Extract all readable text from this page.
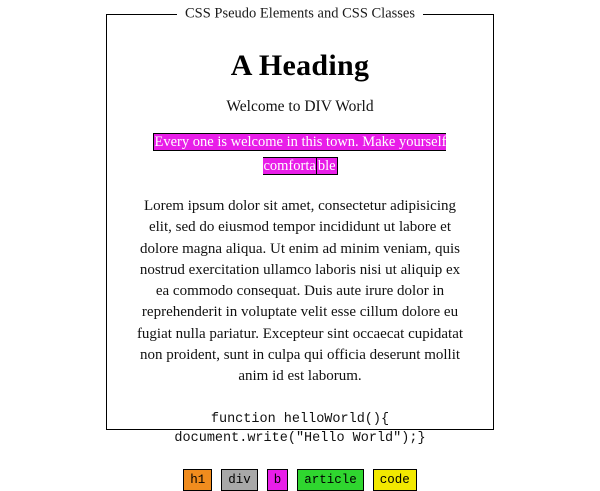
CSS Pseudo Elements and CSS Classes
A Heading

Welcome to DIV World

Every one is welcome in this town. Make yourself comforta ble

Lorem ipsum dolor sit amet, consectetur adipisicing elit, sed do eiusmod tempor incididunt ut labore et dolore magna aliqua. Ut enim ad minim veniam, quis nostrud exercitation ullamco laboris nisi ut aliquip ex ea commodo consequat. Duis aute irure dolor in reprehenderit in voluptate velit esse cillum dolore eu fugiat nulla pariatur. Excepteur sint occaecat cupidatat non proident, sunt in culpa qui officia deserunt mollit anim id est laborum.

function helloWorld(){ document.write("Hello World");}
h1	div	b	article	code
